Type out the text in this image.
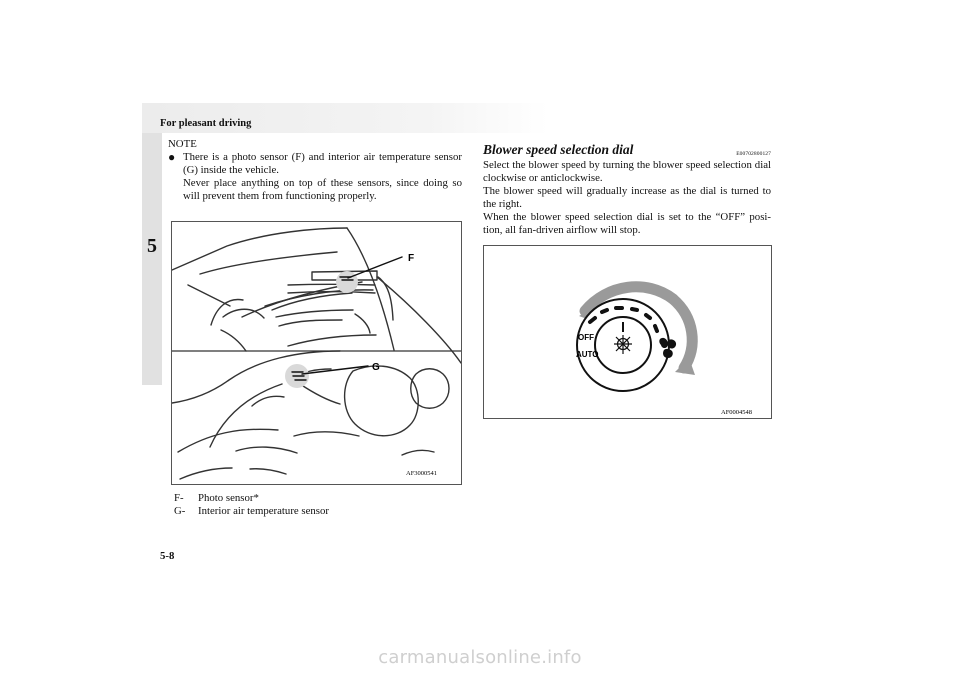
For pleasant driving
5
NOTE
● There is a photo sensor (F) and interior air temperature sensor (G) inside the vehicle.

Never place anything on top of these sensors, since doing so will prevent them from functioning properly.

F
G
AF3000541
F-	Photo sensor*
G-	Interior air temperature sensor
Blower speed selection dial	E00702800127

Select the blower speed by turning the blower speed selection dial clockwise or anticlockwise.

The blower speed will gradually increase as the dial is turned to the right.

When the blower speed selection dial is set to the “OFF” posi-tion, all fan-driven airflow will stop.

OFF
AUTO
AF0004548
5-8
carmanualsonline.info
